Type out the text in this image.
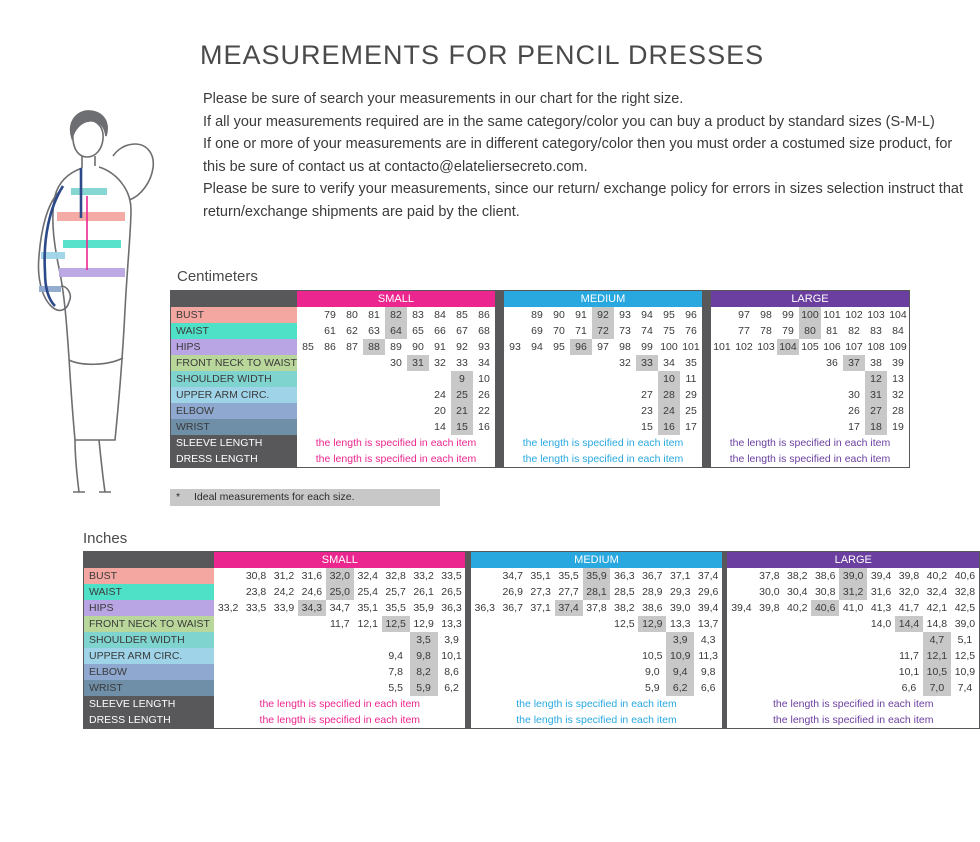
MEASUREMENTS FOR PENCIL DRESSES

Please be sure of search your measurements in our chart for the right size.

If all your measurements required are in the same category/color you can buy a product by standard sizes (S-M-L)

If one or more of your measurements are in different category/color then you must order a costumed size product, for this be sure of contact us at contacto@elateliersecreto.com.

Please be sure to verify your measurements, since our return/ exchange policy for errors in sizes selection instruct that return/exchange shipments are paid by the client.

Centimeters
Inches
	SMALL										MEDIUM										LARGE								
BUST		79	80	81	82	83	84	85	86			89	90	91	92	93	94	95	96			97	98	99	100	101	102	103	104
WAIST		61	62	63	64	65	66	67	68			69	70	71	72	73	74	75	76			77	78	79	80	81	82	83	84
HIPS	85	86	87	88	89	90	91	92	93		93	94	95	96	97	98	99	100	101		101	102	103	104	105	106	107	108	109
FRONT NECK TO WAIST					30	31	32	33	34							32	33	34	35							36	37	38	39
SHOULDER WIDTH								9	10									10	11									12	13
UPPER ARM CIRC.							24	25	26								27	28	29								30	31	32
ELBOW							20	21	22								23	24	25								26	27	28
WRIST							14	15	16								15	16	17								17	18	19
SLEEVE LENGTH	the length is specified in each item										the length is specified in each item										the length is specified in each item								
DRESS LENGTH	the length is specified in each item										the length is specified in each item										the length is specified in each item								
* Ideal measurements for each size.
	SMALL										MEDIUM										LARGE								
BUST		30,8	31,2	31,6	32,0	32,4	32,8	33,2	33,5			34,7	35,1	35,5	35,9	36,3	36,7	37,1	37,4			37,8	38,2	38,6	39,0	39,4	39,8	40,2	40,6
WAIST		23,8	24,2	24,6	25,0	25,4	25,7	26,1	26,5			26,9	27,3	27,7	28,1	28,5	28,9	29,3	29,6			30,0	30,4	30,8	31,2	31,6	32,0	32,4	32,8
HIPS	33,2	33,5	33,9	34,3	34,7	35,1	35,5	35,9	36,3		36,3	36,7	37,1	37,4	37,8	38,2	38,6	39,0	39,4		39,4	39,8	40,2	40,6	41,0	41,3	41,7	42,1	42,5
FRONT NECK TO WAIST					11,7	12,1	12,5	12,9	13,3							12,5	12,9	13,3	13,7							14,0	14,4	14,8	39,0
SHOULDER WIDTH								3,5	3,9									3,9	4,3									4,7	5,1
UPPER ARM CIRC.							9,4	9,8	10,1								10,5	10,9	11,3								11,7	12,1	12,5
ELBOW							7,8	8,2	8,6								9,0	9,4	9,8								10,1	10,5	10,9
WRIST							5,5	5,9	6,2								5,9	6,2	6,6								6,6	7,0	7,4
SLEEVE LENGTH	the length is specified in each item										the length is specified in each item										the length is specified in each item								
DRESS LENGTH	the length is specified in each item										the length is specified in each item										the length is specified in each item								
